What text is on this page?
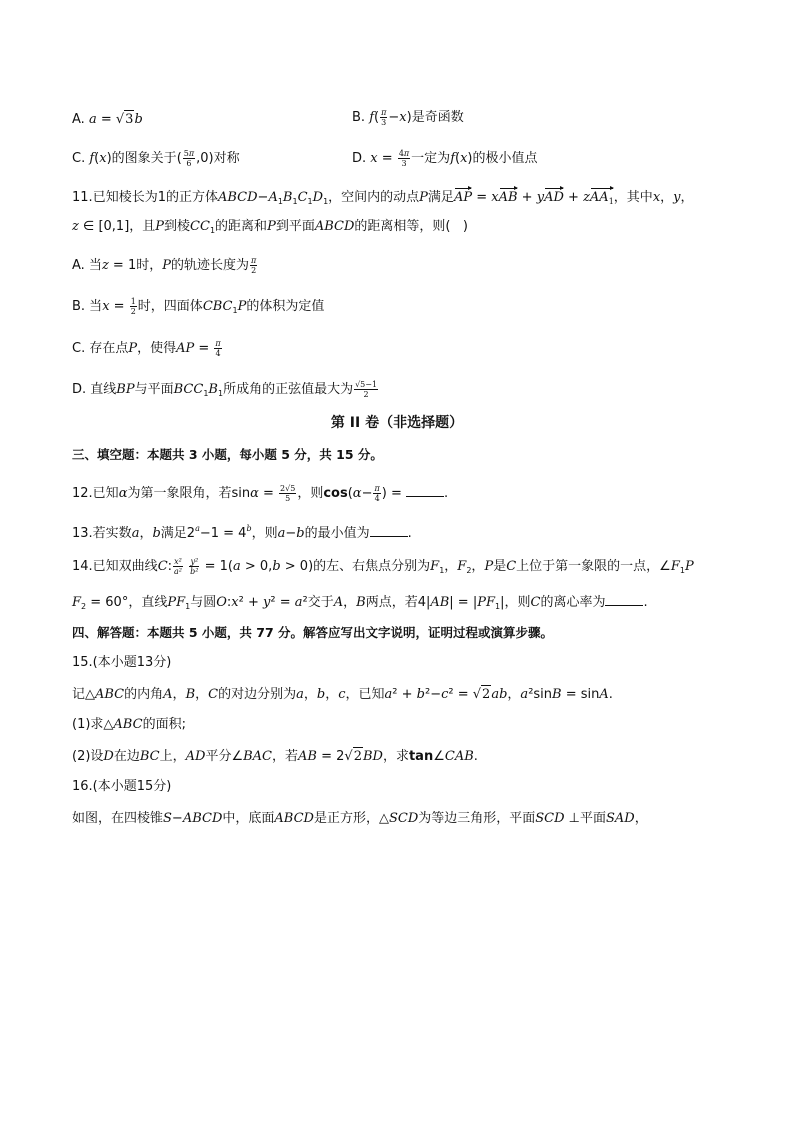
A. a = √3b	B. $f( \frac{\pi}{3} -x)$是奇函数
C. f(x)的图象关于( $\frac{5\pi}{6} ,0$)对称	D. $x = \frac{4\pi}{3}$ 一定为f(x)的极小值点
11.已知棱长为1的正方体$ABCD-A_1B_1C_1D_1$，空间内的动点P满足AP = xAB + yAD + zAA$_1$，其中x，y，
z ∈ [0,1]，且P到棱$CC_1$的距离和P到平面ABCD的距离相等，则(   )
A. 当z = 1时，P的轨迹长度为 $\frac{\pi}{2}$
B. 当$x = \frac{1}{2}$ 时，四面体$CBC_1P$的体积为定值
C. 存在点P，使得AP = $\frac{\pi}{4}$
D. 直线BP与平面$BCC_1B_1$所成角的正弦值最大为 $\frac{√5-1}{2}$
第 II 卷（非选择题）
三、填空题：本题共 3 小题，每小题 5 分，共 15 分。
12.已知α为第一象限角，若$\sin\alpha = \frac{2√5}{5}$ ，则$\cos(\alpha- \frac{\pi}{4}$ ) =	.
13.若实数a，b满足$2^a-1 = 4^b$，则a−b的最小值为	.
14.已知双曲线C: $\frac{\text{x²}}{\text{a²}}$
$\frac{\text{y²}}{\text{b²}} = 1(a > 0,b > 0)$的左、右焦点分别为$F_1$，$F_2$，P是C上位于第一象限的一点，$\angle F_1P$
$F_2 = 60^\circ$，直线$PF_1$与圆O:x² + y² = a²交于A，B两点，若$4|AB| = |PF_1|$，则C的离心率为	.
四、解答题：本题共 5 小题，共 77 分。解答应写出文字说明，证明过程或演算步骤。
15.(本小题13分)
记△ABC的内角A，B，C的对边分别为a，b，c，已知a² + b²−c² = √2ab，a²sinB = sinA.
(1)求△ABC的面积;
(2)设D在边BC上，AD平分∠BAC，若AB = 2√2BD，求tan∠CAB.
16.(本小题15分)
如图，在四棱锥S−ABCD中，底面ABCD是正方形，△SCD为等边三角形，平面SCD ⊥平面SAD，
